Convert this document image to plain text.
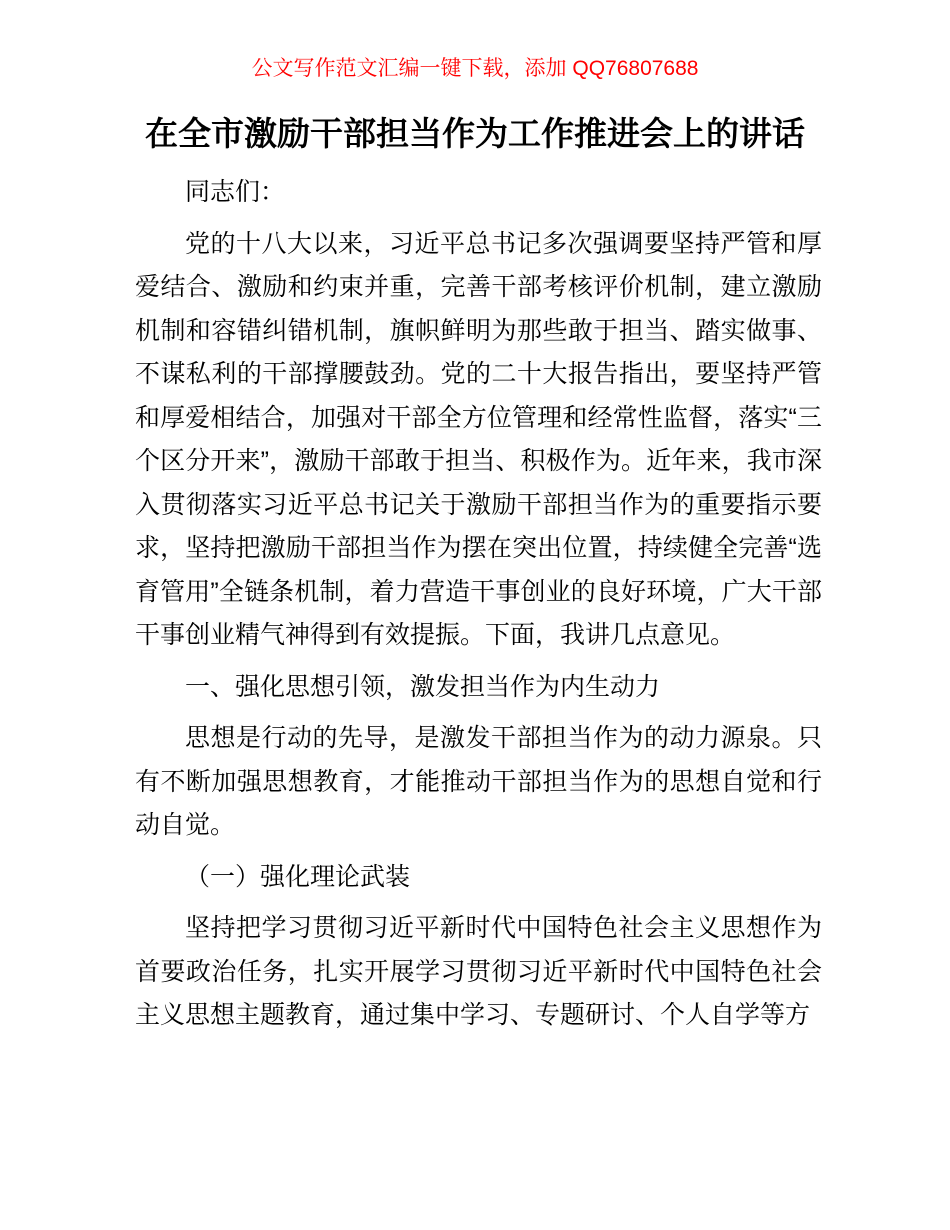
公文写作范文汇编一键下载，添加 QQ76807688
在全市激励干部担当作为工作推进会上的讲话

同志们：

党的十八大以来，习近平总书记多次强调要坚持严管和厚爱结合、激励和约束并重，完善干部考核评价机制，建立激励机制和容错纠错机制，旗帜鲜明为那些敢于担当、踏实做事、不谋私利的干部撑腰鼓劲。党的二十大报告指出，要坚持严管和厚爱相结合，加强对干部全方位管理和经常性监督，落实“三个区分开来”，激励干部敢于担当、积极作为。近年来，我市深入贯彻落实习近平总书记关于激励干部担当作为的重要指示要求，坚持把激励干部担当作为摆在突出位置，持续健全完善“选育管用”全链条机制，着力营造干事创业的良好环境，广大干部干事创业精气神得到有效提振。下面，我讲几点意见。

一、强化思想引领，激发担当作为内生动力

思想是行动的先导，是激发干部担当作为的动力源泉。只有不断加强思想教育，才能推动干部担当作为的思想自觉和行动自觉。

（一）强化理论武装

坚持把学习贯彻习近平新时代中国特色社会主义思想作为首要政治任务，扎实开展学习贯彻习近平新时代中国特色社会主义思想主题教育，通过集中学习、专题研讨、个人自学等方
